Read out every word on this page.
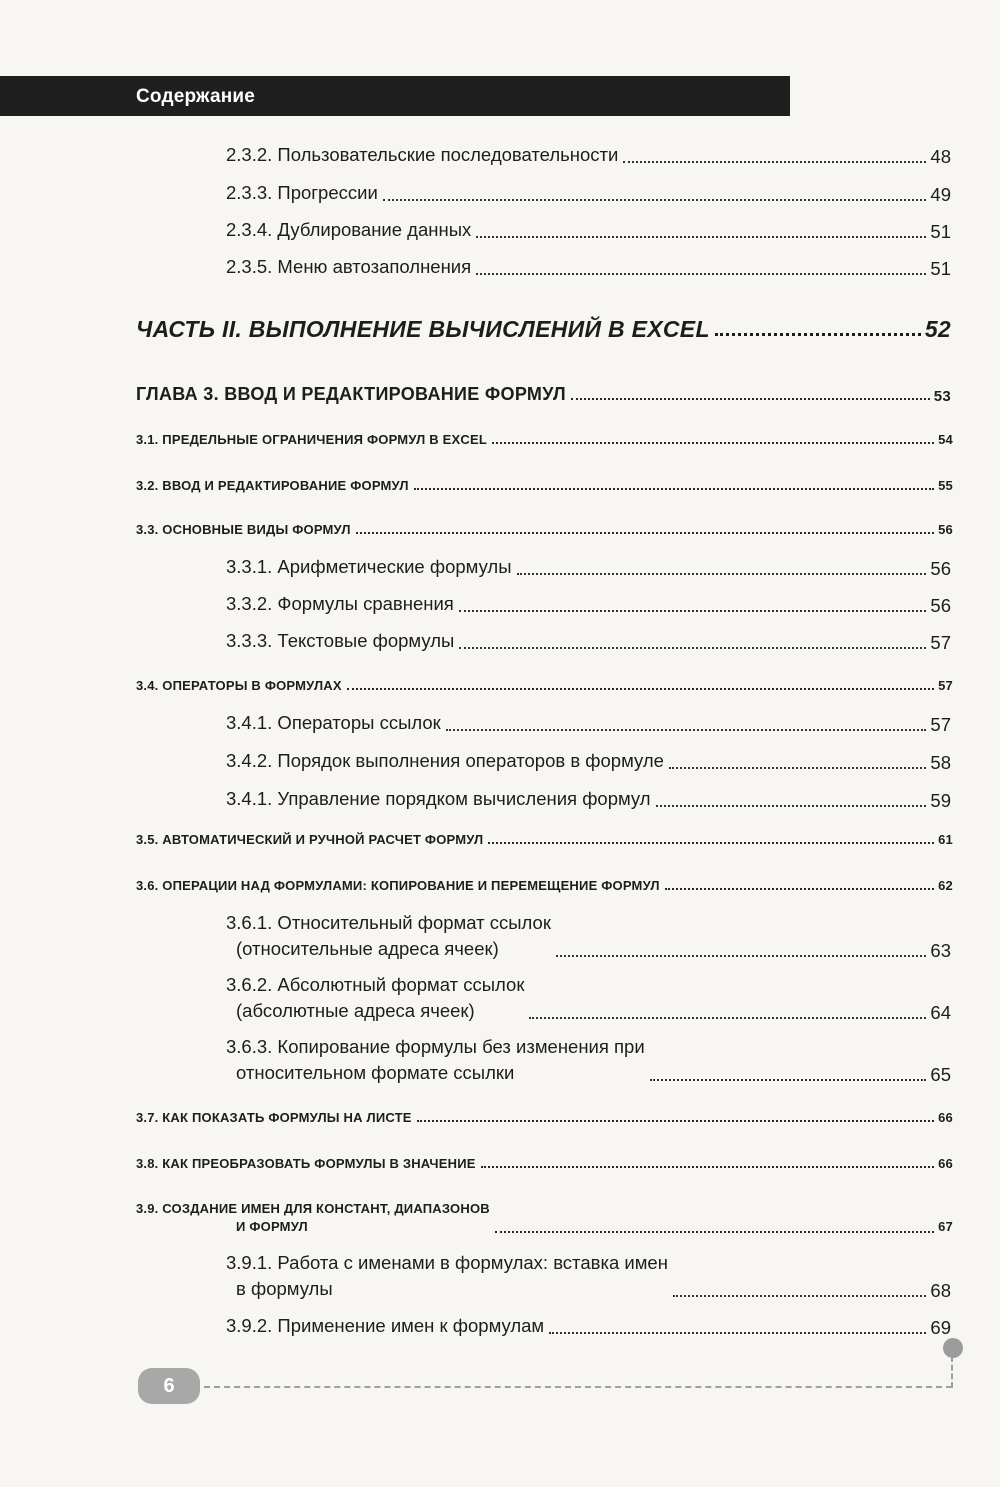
Содержание
2.3.2. Пользовательские последовательности	48
2.3.3. Прогрессии	49
2.3.4. Дублирование данных	51
2.3.5. Меню автозаполнения	51
ЧАСТЬ II. ВЫПОЛНЕНИЕ ВЫЧИСЛЕНИЙ В EXCEL	52
ГЛАВА 3. ВВОД И РЕДАКТИРОВАНИЕ ФОРМУЛ	53
3.1. ПРЕДЕЛЬНЫЕ ОГРАНИЧЕНИЯ ФОРМУЛ В EXCEL	54
3.2. ВВОД И РЕДАКТИРОВАНИЕ ФОРМУЛ	55
3.3. ОСНОВНЫЕ ВИДЫ ФОРМУЛ	56
3.3.1. Арифметические формулы	56
3.3.2. Формулы сравнения	56
3.3.3. Текстовые формулы	57
3.4. ОПЕРАТОРЫ В ФОРМУЛАХ	57
3.4.1. Операторы ссылок	57
3.4.2. Порядок выполнения операторов в формуле	58
3.4.1. Управление порядком вычисления формул	59
3.5. АВТОМАТИЧЕСКИЙ И РУЧНОЙ РАСЧЕТ ФОРМУЛ	61
3.6. ОПЕРАЦИИ НАД ФОРМУЛАМИ: КОПИРОВАНИЕ И ПЕРЕМЕЩЕНИЕ ФОРМУЛ	62
3.6.1. Относительный формат ссылок
(относительные адреса ячеек)	63
3.6.2. Абсолютный формат ссылок
(абсолютные адреса ячеек)	64
3.6.3. Копирование формулы без изменения при
относительном формате ссылки	65
3.7. КАК ПОКАЗАТЬ ФОРМУЛЫ НА ЛИСТЕ	66
3.8. КАК ПРЕОБРАЗОВАТЬ ФОРМУЛЫ В ЗНАЧЕНИЕ	66
3.9. СОЗДАНИЕ ИМЕН ДЛЯ КОНСТАНТ, ДИАПАЗОНОВ
И ФОРМУЛ	67
3.9.1. Работа с именами в формулах: вставка имен
в формулы	68
3.9.2. Применение имен к формулам	69
6
